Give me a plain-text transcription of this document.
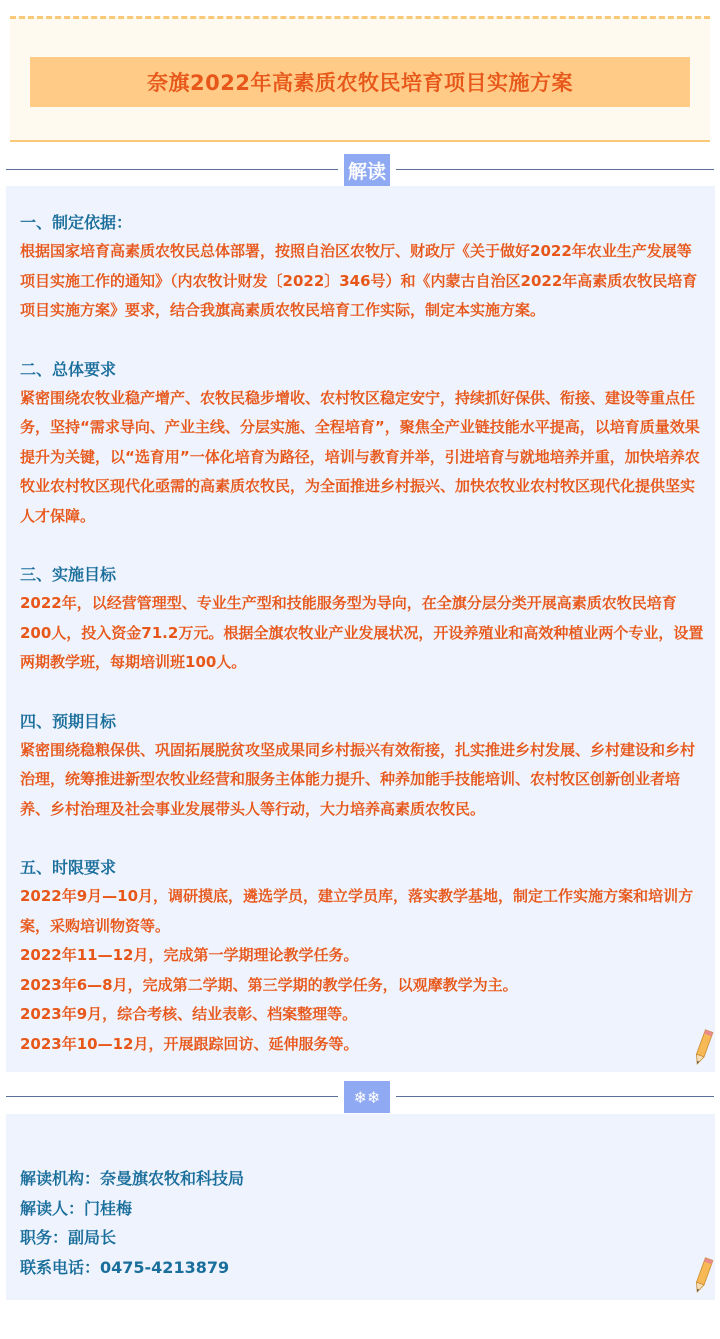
奈旗2022年高素质农牧民培育项目实施方案
解读

一、制定依据：

根据国家培育高素质农牧民总体部署，按照自治区农牧厅、财政厅《关于做好2022年农业生产发展等项目实施工作的通知》（内农牧计财发〔2022〕346号）和《内蒙古自治区2022年高素质农牧民培育项目实施方案》要求，结合我旗高素质农牧民培育工作实际，制定本实施方案。

二、总体要求

紧密围绕农牧业稳产增产、农牧民稳步增收、农村牧区稳定安宁，持续抓好保供、衔接、建设等重点任务，坚持“需求导向、产业主线、分层实施、全程培育”，聚焦全产业链技能水平提高，以培育质量效果提升为关键，以“选育用”一体化培育为路径，培训与教育并举，引进培育与就地培养并重，加快培养农牧业农村牧区现代化亟需的高素质农牧民，为全面推进乡村振兴、加快农牧业农村牧区现代化提供坚实人才保障。

三、实施目标

2022年，以经营管理型、专业生产型和技能服务型为导向，在全旗分层分类开展高素质农牧民培育200人，投入资金71.2万元。根据全旗农牧业产业发展状况，开设养殖业和高效种植业两个专业，设置两期教学班，每期培训班100人。

四、预期目标

紧密围绕稳粮保供、巩固拓展脱贫攻坚成果同乡村振兴有效衔接，扎实推进乡村发展、乡村建设和乡村治理，统筹推进新型农牧业经营和服务主体能力提升、种养加能手技能培训、农村牧区创新创业者培养、乡村治理及社会事业发展带头人等行动，大力培养高素质农牧民。

五、时限要求

2022年9月—10月，调研摸底，遴选学员，建立学员库，落实教学基地，制定工作实施方案和培训方案，采购培训物资等。

2022年11—12月，完成第一学期理论教学任务。

2023年6—8月，完成第二学期、第三学期的教学任务，以观摩教学为主。

2023年9月，综合考核、结业表彰、档案整理等。

2023年10—12月，开展跟踪回访、延伸服务等。

❄❄

解读机构：奈曼旗农牧和科技局

解读人：门桂梅

职务：副局长

联系电话：0475-4213879
